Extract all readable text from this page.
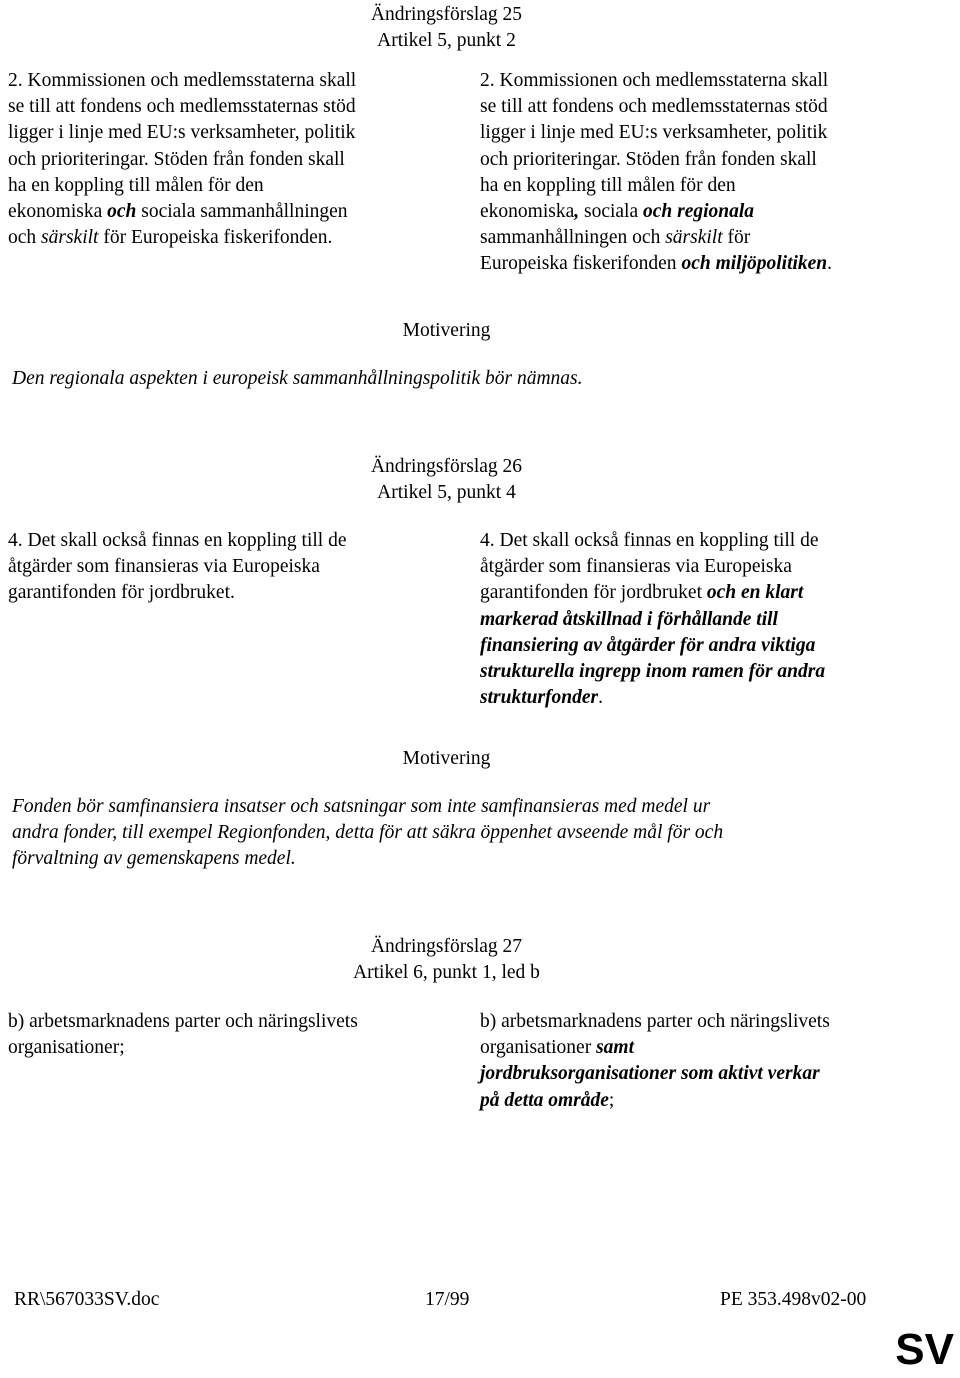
Ändringsförslag 25
Artikel 5, punkt 2

2. Kommissionen och medlemsstaterna skall
se till att fondens och medlemsstaternas stöd
ligger i linje med EU:s verksamheter, politik
och prioriteringar. Stöden från fonden skall
ha en koppling till målen för den
ekonomiska och sociala sammanhållningen
och särskilt för Europeiska fiskerifonden.

2. Kommissionen och medlemsstaterna skall
se till att fondens och medlemsstaternas stöd
ligger i linje med EU:s verksamheter, politik
och prioriteringar. Stöden från fonden skall
ha en koppling till målen för den
ekonomiska, sociala och regionala
sammanhållningen och särskilt för
Europeiska fiskerifonden och miljöpolitiken.

Motivering
Den regionala aspekten i europeisk sammanhållningspolitik bör nämnas.
Ändringsförslag 26
Artikel 5, punkt 4

4. Det skall också finnas en koppling till de
åtgärder som finansieras via Europeiska
garantifonden för jordbruket.

4. Det skall också finnas en koppling till de
åtgärder som finansieras via Europeiska
garantifonden för jordbruket och en klart
markerad åtskillnad i förhållande till
finansiering av åtgärder för andra viktiga
strukturella ingrepp inom ramen för andra
strukturfonder.

Motivering
Fonden bör samfinansiera insatser och satsningar som inte samfinansieras med medel ur
andra fonder, till exempel Regionfonden, detta för att säkra öppenhet avseende mål för och
förvaltning av gemenskapens medel.
Ändringsförslag 27
Artikel 6, punkt 1, led b

b) arbetsmarknadens parter och näringslivets
organisationer;

b) arbetsmarknadens parter och näringslivets
organisationer samt
jordbruksorganisationer som aktivt verkar
på detta område;

RR\567033SV.doc	17/99	PE 353.498v02-00
SV
